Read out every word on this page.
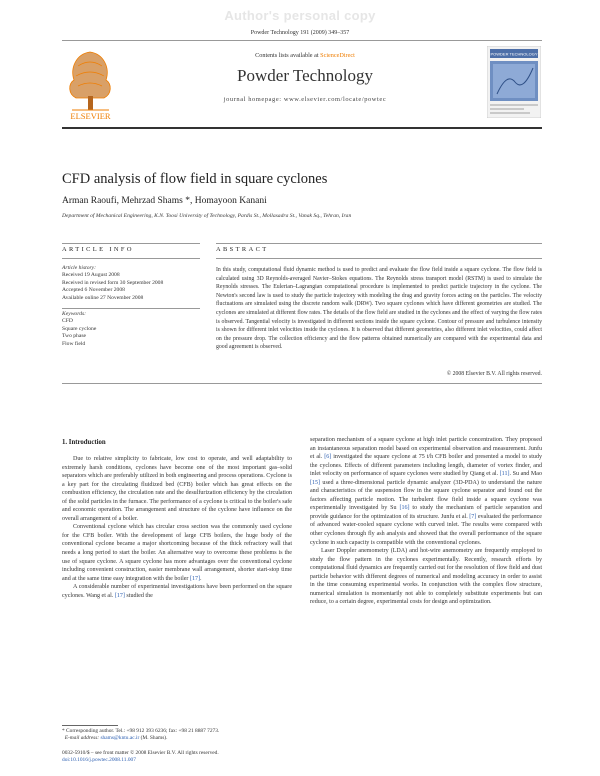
Author's personal copy
Powder Technology 191 (2009) 349–357
ELSEVIER
Contents lists available at ScienceDirect
Powder Technology
journal homepage: www.elsevier.com/locate/powtec
POWDER TECHNOLOGY
CFD analysis of flow field in square cyclones
Arman Raoufi, Mehrzad Shams *, Homayoon Kanani
Department of Mechanical Engineering, K.N. Toosi University of Technology, Pardis St., Mollasadra St., Vanak Sq., Tehran, Iran
ARTICLE INFO	ABSTRACT
Article history:
Received 19 August 2008
Received in revised form 30 September 2008
Accepted 6 November 2008
Available online 27 November 2008
Keywords:
CFD
Square cyclone
Two phase
Flow field
In this study, computational fluid dynamic method is used to predict and evaluate the flow field inside a square cyclone. The flow field is calculated using 3D Reynolds-averaged Navier–Stokes equations. The Reynolds stress transport model (RSTM) is used to simulate the Reynolds stresses. The Eulerian–Lagrangian computational procedure is implemented to predict particle trajectory in the cyclone. The Newton's second law is used to study the particle trajectory with modeling the drag and gravity forces acting on the particles. The velocity fluctuations are simulated using the discrete random walk (DRW). Two square cyclones which have different geometries are studied. The cyclones are simulated at different flow rates. The details of the flow field are studied in the cyclones and the effect of varying the flow rates is observed. Tangential velocity is investigated in different sections inside the square cyclone. Contour of pressure and turbulence intensity is shown for different inlet velocities inside the cyclones. It is observed that different geometries, also different inlet velocities, could affect on the pressure drop. The collection efficiency and the flow patterns obtained numerically are compared with the experimental data and good agreement is observed.
© 2008 Elsevier B.V. All rights reserved.
1. Introduction

Due to relative simplicity to fabricate, low cost to operate, and well adaptability to extremely harsh conditions, cyclones have become one of the most important gas–solid separators which are preferably utilized in both engineering and process operations. Cyclone is a key part for the circulating fluidized bed (CFB) boiler which has great effects on the combustion efficiency, the circulation rate and the desulfurization efficiency by the circulation of the solid particles in the furnace. The performance of a cyclone is critical to the boiler's safe and economic operation. The arrangement and structure of the cyclone have influence on the overall arrangement of a boiler.

Conventional cyclone which has circular cross section was the commonly used cyclone for the CFB boiler. With the development of large CFB boilers, the huge body of the conventional cyclone became a major shortcoming because of the thick refractory wall that needs a long period to start the boiler. An alternative way to overcome these problems is the use of square cyclone. A square cyclone has more advantages over the conventional cyclone including convenient construction, easier membrane wall arrangement, shorter start-stop time and at the same time easy integration with the boiler [17].

A considerable number of experimental investigations have been performed on the square cyclones. Wang et al. [17] studied the

separation mechanism of a square cyclone at high inlet particle concentration. They proposed an instantaneous separation model based on experimental observation and measurement. Junfu et al. [6] investigated the square cyclone at 75 t/h CFB boiler and presented a model to study the cyclones. Effects of different parameters including length, diameter of vortex finder, and inlet velocity on performance of square cyclones were studied by Qiang et al. [11]. Su and Mao [15] used a three-dimensional particle dynamic analyzer (3D-PDA) to understand the nature and characteristics of the suspension flow in the square cyclone separator and found out the factors affecting particle motion. The turbulent flow field inside a square cyclone was experimentally investigated by Su [16] to study the mechanism of particle separation and provide guidance for the optimization of its structure. Junfu et al. [7] evaluated the performance of advanced water-cooled square cyclone with curved inlet. The results were compared with other cyclones through fly ash analysis and showed that the overall performance of the square cyclone in such capacity is compatible with the conventional cyclones.

Laser Doppler anemometry (LDA) and hot-wire anemometry are frequently employed to study the flow pattern in the cyclones experimentally. Recently, research efforts by computational fluid dynamics are frequently carried out for the resolution of flow field and dust particle behavior with different degrees of numerical and modeling accuracy in order to assist in the time consuming experimental works. In conjunction with the complex flow structure, numerical simulation is momentarily not able to completely substitute experiments but can reduce, to a certain degree, experimental costs for design and optimization.

* Corresponding author. Tel.: +98 912 393 6236; fax: +98 21 8887 7273.
E-mail address: shams@kntu.ac.ir (M. Shams).
0032-5910/$ – see front matter © 2008 Elsevier B.V. All rights reserved.
doi:10.1016/j.powtec.2008.11.007
